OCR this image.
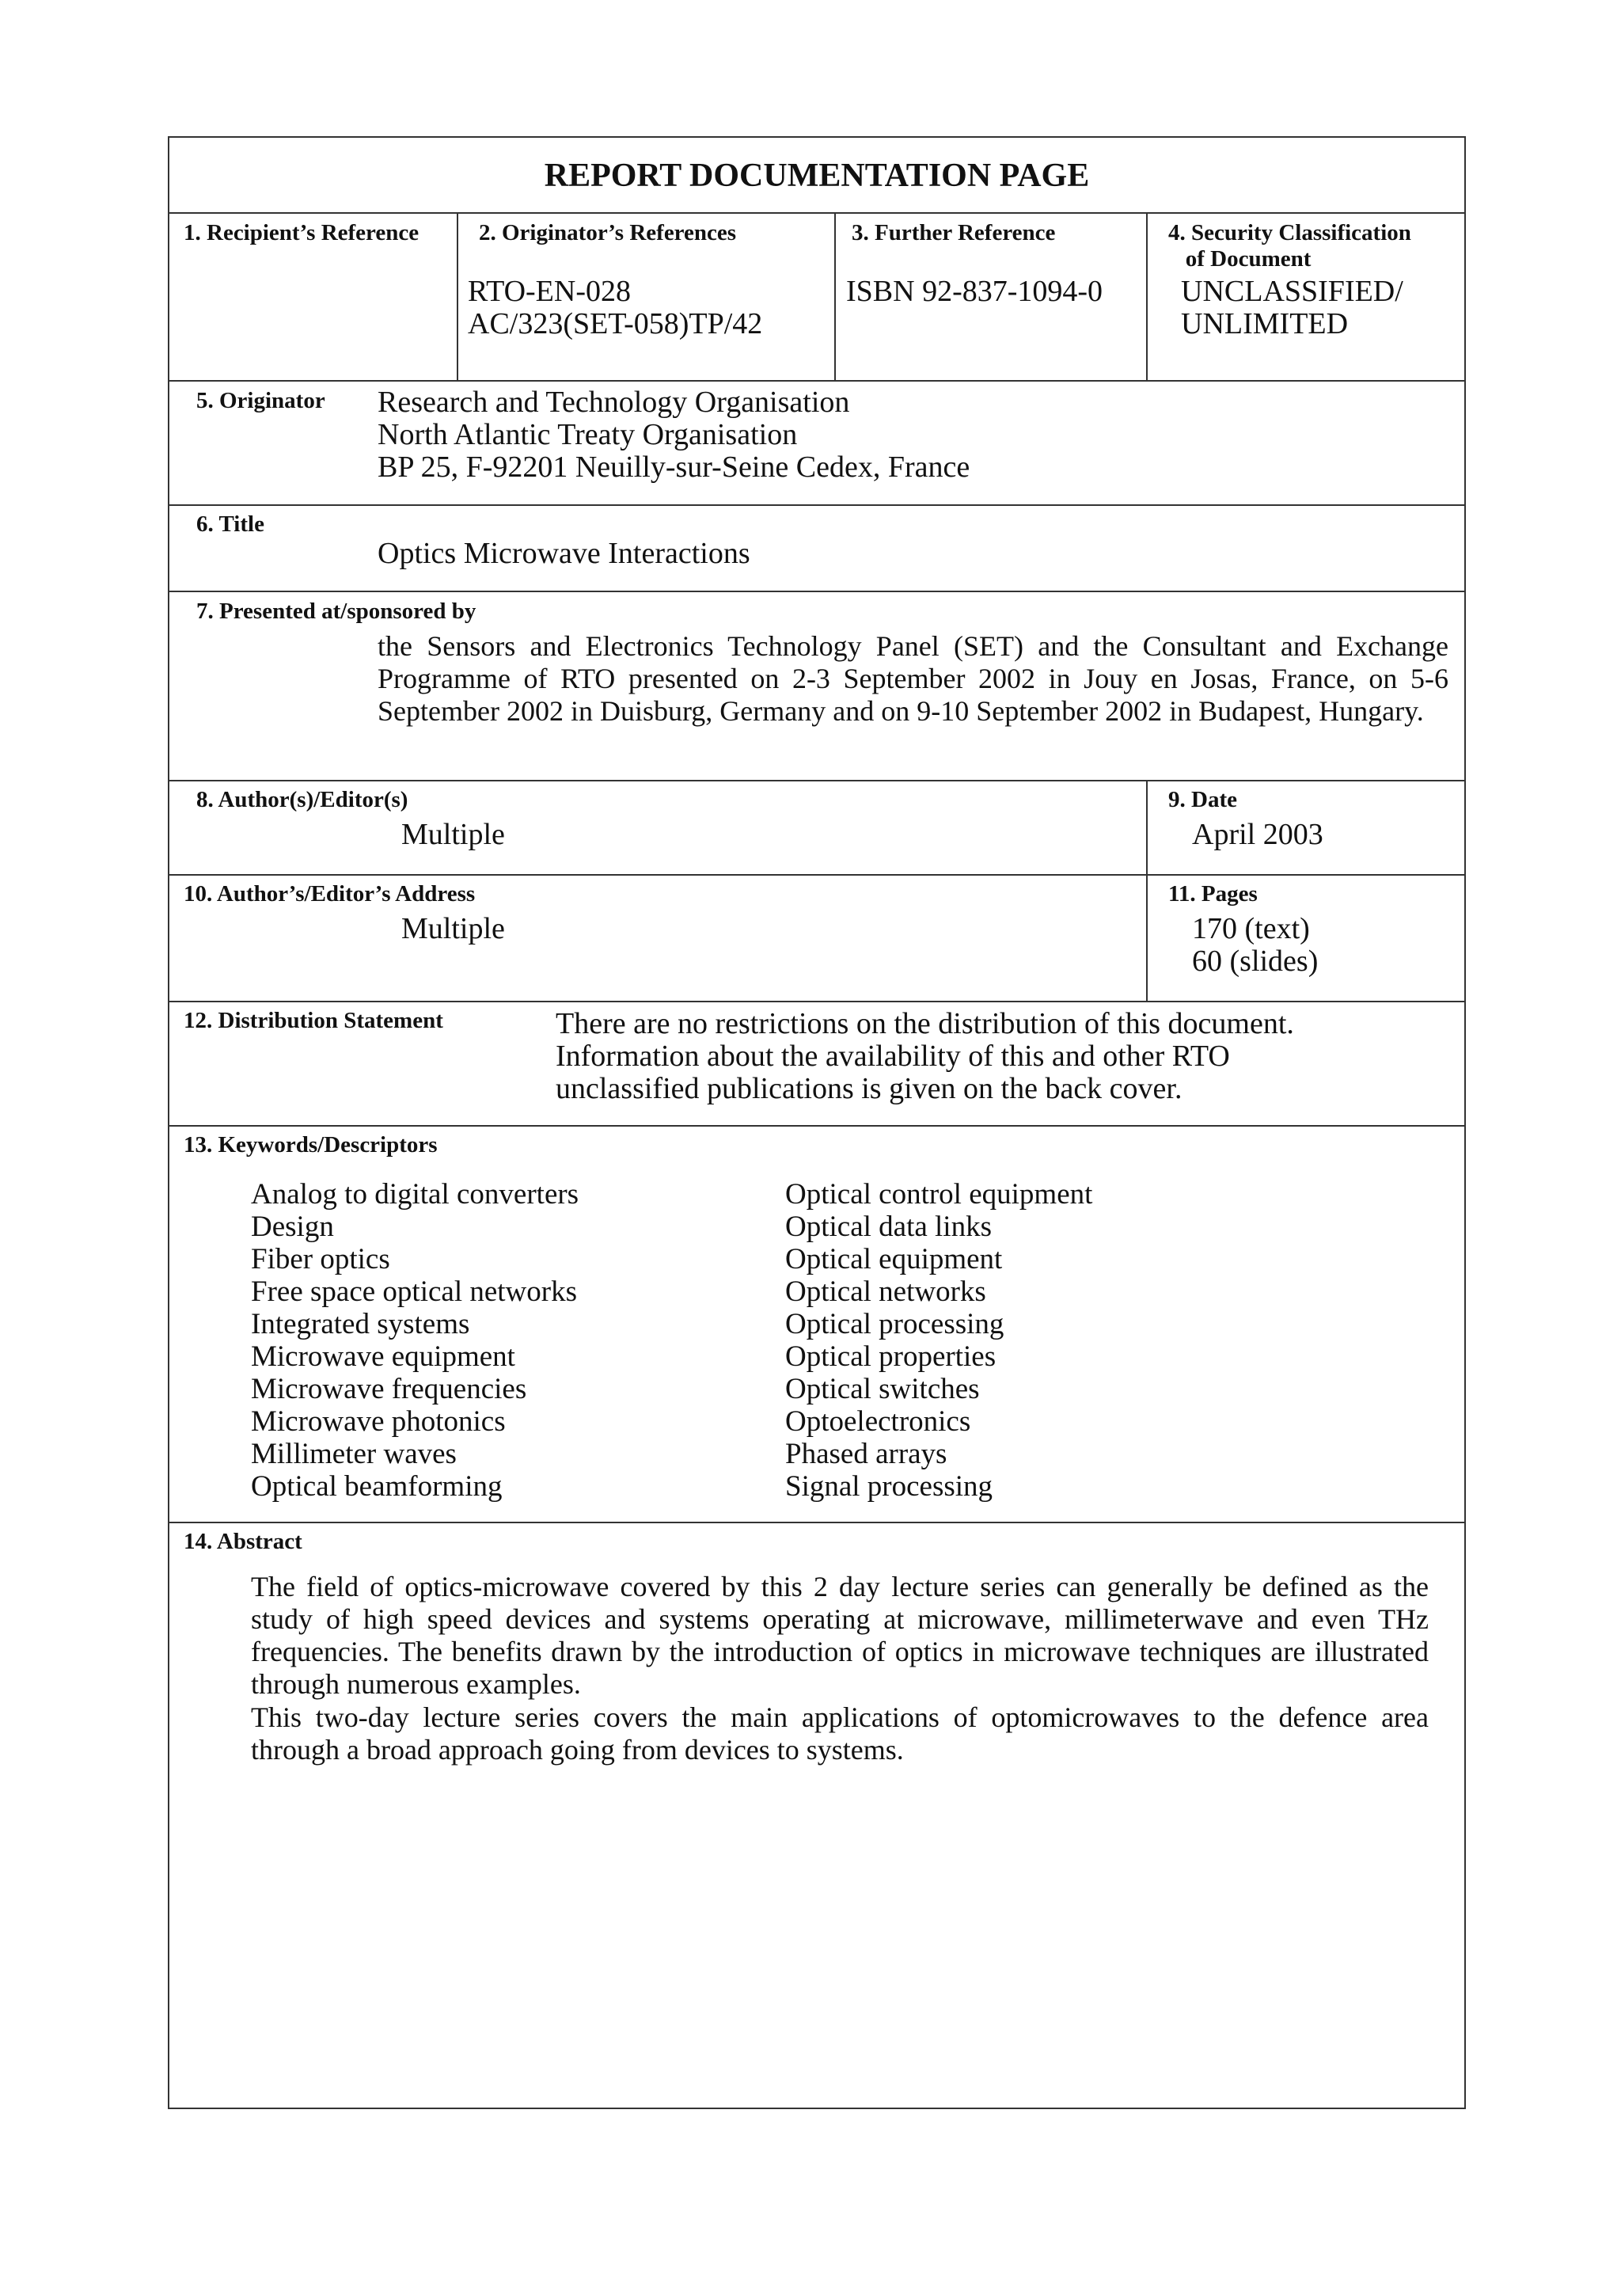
REPORT DOCUMENTATION PAGE
1. Recipient’s Reference	2. Originator’s References
RTO-EN-028
AC/323(SET-058)TP/42
3. Further Reference
ISBN 92-837-1094-0
4. Security Classification
of Document
UNCLASSIFIED/
UNLIMITED
5. Originator Research and Technology Organisation
North Atlantic Treaty Organisation
BP 25, F-92201 Neuilly-sur-Seine Cedex, France
6. Title
Optics Microwave Interactions
7. Presented at/sponsored by
the Sensors and Electronics Technology Panel (SET) and the Consultant and Exchange Programme of RTO presented on 2-3 September 2002 in Jouy en Josas, France, on 5-6 September 2002 in Duisburg, Germany and on 9-10 September 2002 in Budapest, Hungary.
8. Author(s)/Editor(s)
Multiple
9. Date
April 2003
10. Author’s/Editor’s Address
Multiple
11. Pages
170 (text)
60 (slides)
12. Distribution Statement	There are no restrictions on the distribution of this document.
Information about the availability of this and other RTO
unclassified publications is given on the back cover.
13. Keywords/Descriptors
Analog to digital converters
Design
Fiber optics
Free space optical networks
Integrated systems
Microwave equipment
Microwave frequencies
Microwave photonics
Millimeter waves
Optical beamforming
Optical control equipment
Optical data links
Optical equipment
Optical networks
Optical processing
Optical properties
Optical switches
Optoelectronics
Phased arrays
Signal processing
14. Abstract
The field of optics-microwave covered by this 2 day lecture series can generally be defined as the study of high speed devices and systems operating at microwave, millimeterwave and even THz frequencies. The benefits drawn by the introduction of optics in microwave techniques are illustrated through numerous examples.
This two-day lecture series covers the main applications of optomicrowaves to the defence area through a broad approach going from devices to systems.
